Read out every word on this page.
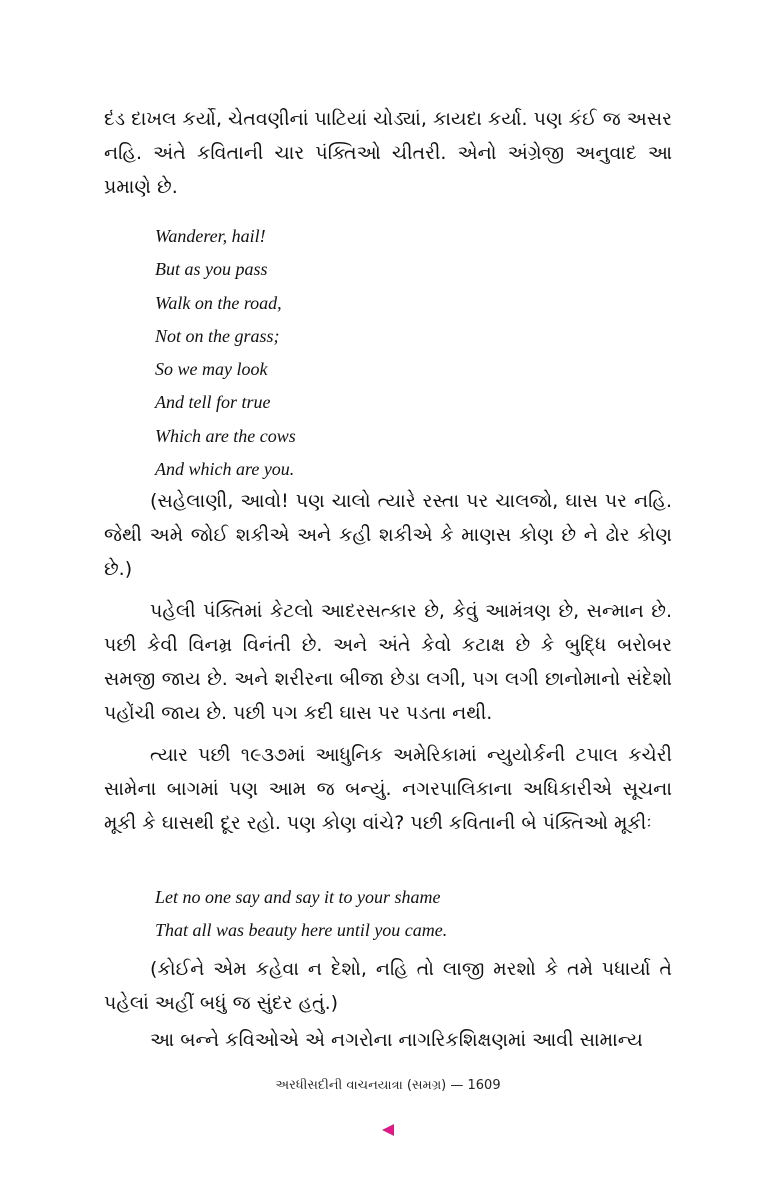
દંડ દાખલ કર્યો, ચેતવણીનાં પાટિયાં ચોડ્યાં, કાયદા કર્યા. પણ કંઈ જ અસર નહિ. અંતે કવિતાની ચાર પંક્તિઓ ચીતરી. એનો અંગ્રેજી અનુવાદ આ પ્રમાણે છે.

Wanderer, hail!
But as you pass
Walk on the road,
Not on the grass;
So we may look
And tell for true
Which are the cows
And which are you.

(સહેલાણી, આવો! પણ ચાલો ત્યારે રસ્તા પર ચાલજો, ઘાસ પર નહિ. જેથી અમે જોઈ શકીએ અને કહી શકીએ કે માણસ કોણ છે ને ઢોર કોણ છે.)

પહેલી પંક્તિમાં કેટલો આદરસત્કાર છે, કેવું આમંત્રણ છે, સન્માન છે. પછી કેવી વિનમ્ર વિનંતી છે. અને અંતે કેવો કટાક્ષ છે કે બુદ્ધિ બરોબર સમજી જાય છે. અને શરીરના બીજા છેડા લગી, પગ લગી છાનોમાનો સંદેશો પહોંચી જાય છે. પછી પગ કદી ઘાસ પર પડતા નથી.

ત્યાર પછી ૧૯૩૭માં આધુનિક અમેરિકામાં ન્યુયોર્કની ટપાલ કચેરી સામેના બાગમાં પણ આમ જ બન્યું. નગરપાલિકાના અધિકારીએ સૂચના મૂકી કે ઘાસથી દૂર રહો. પણ કોણ વાંચે? પછી કવિતાની બે પંક્તિઓ મૂકીઃ

Let no one say and say it to your shame
That all was beauty here until you came.

(કોઈને એમ કહેવા ન દેશો, નહિ તો લાજી મરશો કે તમે પધાર્યા તે પહેલાં અહીં બધું જ સુંદર હતું.)

આ બન્ને કવિઓએ એ નગરોના નાગરિકશિક્ષણમાં આવી સામાન્ય

અરધીસદીની વાચનયાત્રા (સમગ્ર) — 1609
